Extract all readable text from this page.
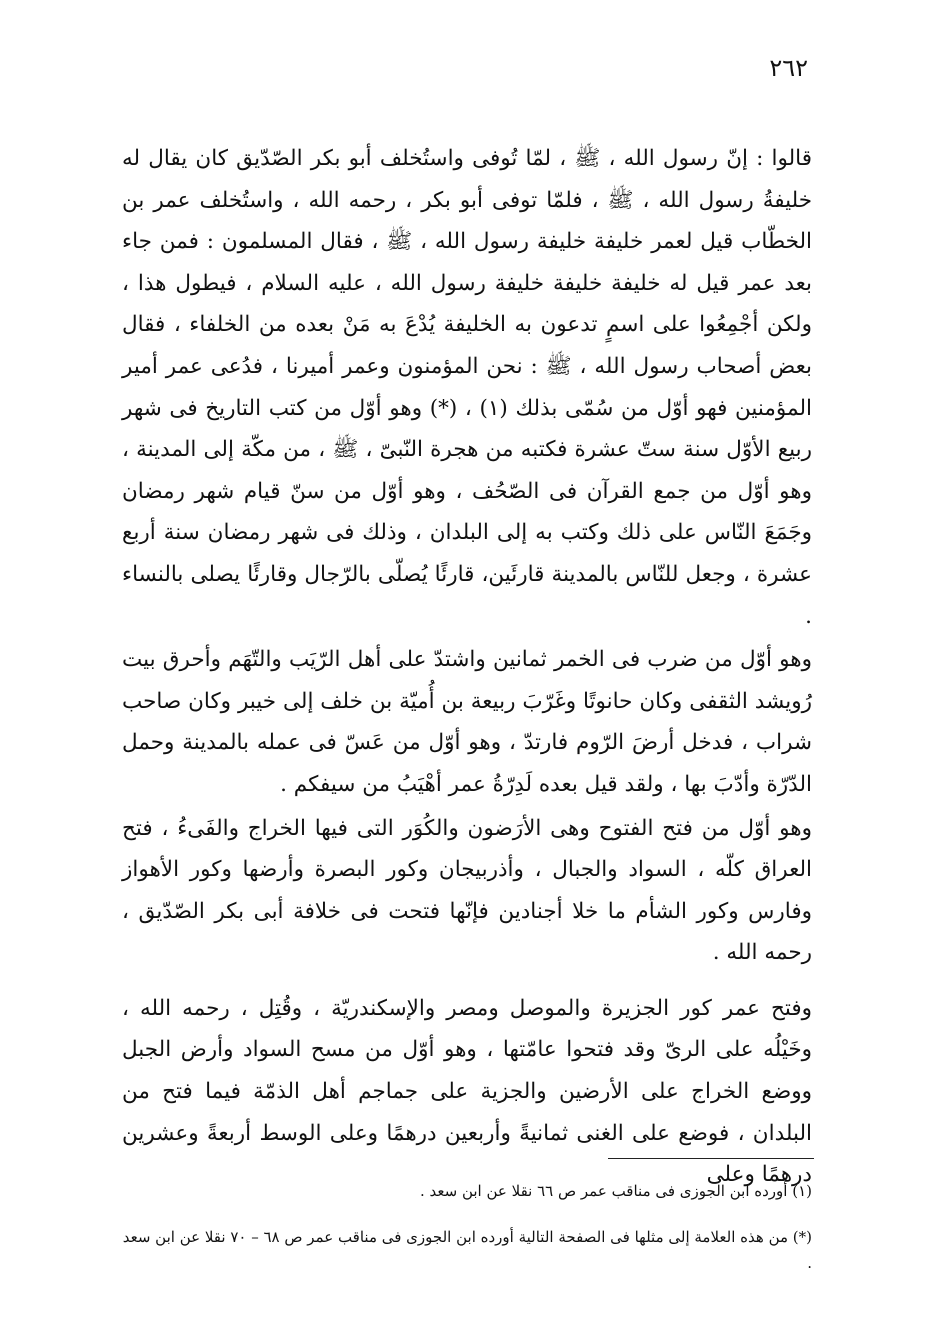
٢٦٢

قالوا : إنّ رسول الله ، ﷺ ، لمّا تُوفى واستُخلف أبو بكر الصّدّيق كان يقال له خليفةُ رسول الله ، ﷺ ، فلمّا توفى أبو بكر ، رحمه الله ، واستُخلف عمر بن الخطّاب قيل لعمر خليفة خليفة رسول الله ، ﷺ ، فقال المسلمون : فمن جاء بعد عمر قيل له خليفة خليفة خليفة رسول الله ، عليه السلام ، فيطول هذا ، ولكن أجْمِعُوا على اسمٍ تدعون به الخليفة يُدْعَ به مَنْ بعده من الخلفاء ، فقال بعض أصحاب رسول الله ، ﷺ : نحن المؤمنون وعمر أميرنا ، فدُعى عمر أمير المؤمنين فهو أوّل من سُمّى بذلك (١) ، (*) وهو أوّل من كتب التاريخ فى شهر ربيع الأوّل سنة ستّ عشرة فكتبه من هجرة النّبىّ ، ﷺ ، من مكّة إلى المدينة ، وهو أوّل من جمع القرآن فى الصّحُف ، وهو أوّل من سنّ قيام شهر رمضان وجَمَعَ النّاس على ذلك وكتب به إلى البلدان ، وذلك فى شهر رمضان سنة أربع عشرة ، وجعل للنّاس بالمدينة قارئَين، قارئًا يُصلّى بالرّجال وقارئًا يصلى بالنساء .

وهو أوّل من ضرب فى الخمر ثمانين واشتدّ على أهل الرّيَب والتّهَم وأحرق بيت رُويشد الثقفى وكان حانوتًا وغَرّبَ ربيعة بن أُميّة بن خلف إلى خيبر وكان صاحب شراب ، فدخل أرضَ الرّوم فارتدّ ، وهو أوّل من عَسّ فى عمله بالمدينة وحمل الدّرّة وأدّبَ بها ، ولقد قيل بعده لَدِرّةُ عمر أهْيَبُ من سيفكم .

وهو أوّل من فتح الفتوح وهى الأرَضون والكُوَر التى فيها الخراج والفَىءُ ، فتح العراق كلّه ، السواد والجبال ، وأذربيجان وكور البصرة وأرضها وكور الأهواز وفارس وكور الشأم ما خلا أجنادين فإنّها فتحت فى خلافة أبى بكر الصّدّيق ، رحمه الله .

وفتح عمر كور الجزيرة والموصل ومصر والإسكندريّة ، وقُتِل ، رحمه الله ، وخَيْلُه على الرىّ وقد فتحوا عامّتها ، وهو أوّل من مسح السواد وأرض الجبل ووضع الخراج على الأرضين والجزية على جماجم أهل الذمّة فيما فتح من البلدان ، فوضع على الغنى ثمانيةً وأربعين درهمًا وعلى الوسط أربعةً وعشرين درهمًا وعلى

(١) أورده ابن الجوزى فى مناقب عمر ص ٦٦ نقلا عن ابن سعد .

(*) من هذه العلامة إلى مثلها فى الصفحة التالية أورده ابن الجوزى فى مناقب عمر ص ٦٨ – ٧٠ نقلا عن ابن سعد .
